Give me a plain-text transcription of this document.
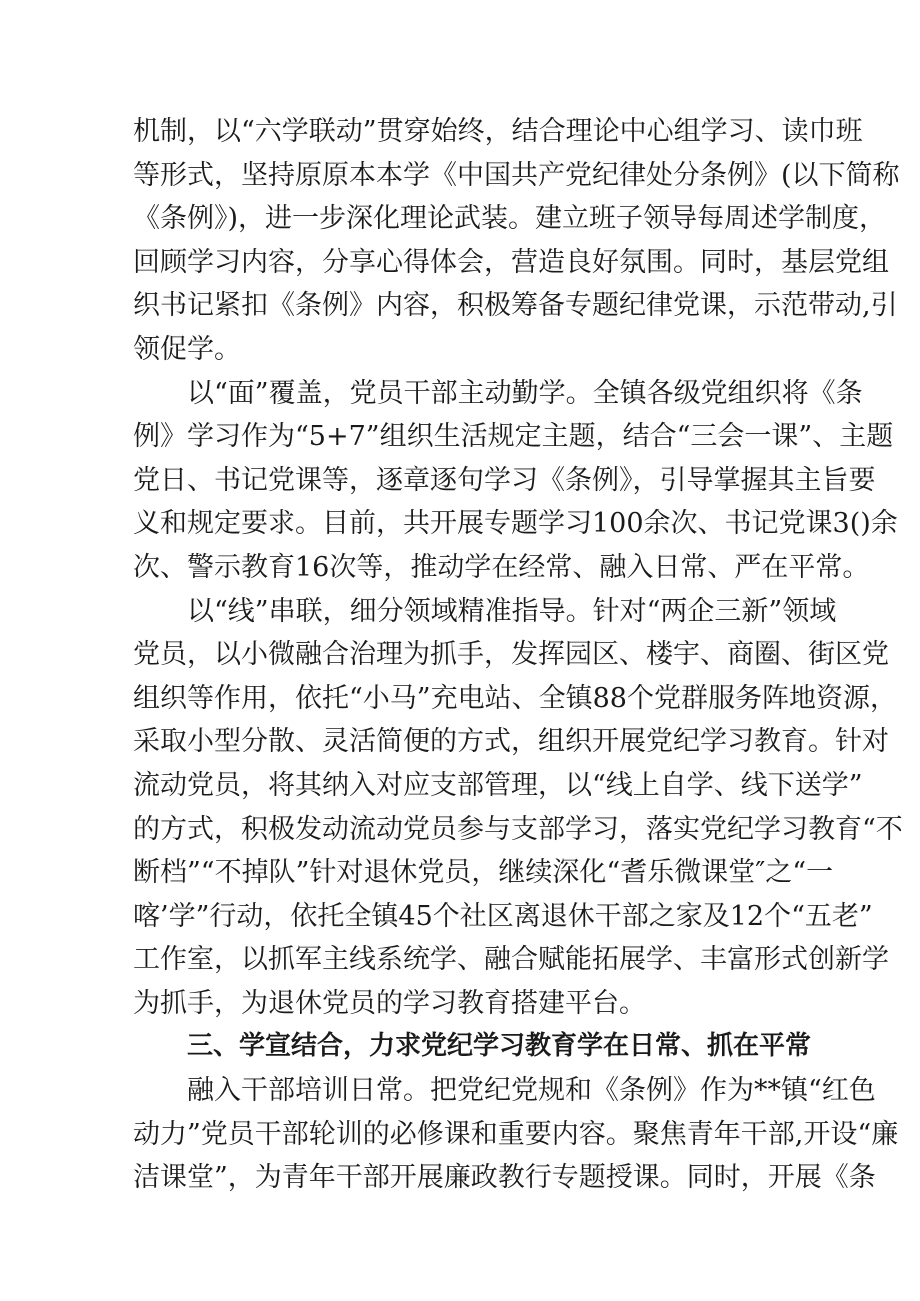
机制，以“六学联动”贯穿始终，结合理论中心组学习、读巾班
等形式，坚持原原本本学《中国共产党纪律处分条例》(以下简称
《条例》)，进一步深化理论武装。建立班子领导每周述学制度，
回顾学习内容，分享心得体会，营造良好氛围。同时，基层党组
织书记紧扣《条例》内容，积极筹备专题纪律党课，示范带动,引
领促学。
以“面”覆盖，党员干部主动勤学。全镇各级党组织将《条
例》学习作为“5+7”组织生活规定主题，结合“三会一课”、主题
党日、书记党课等，逐章逐句学习《条例》，引导掌握其主旨要
义和规定要求。目前，共开展专题学习100余次、书记党课3()余
次、警示教育16次等，推动学在经常、融入日常、严在平常。
以“线”串联，细分领域精准指导。针对“两企三新”领域
党员，以小微融合治理为抓手，发挥园区、楼宇、商圈、街区党
组织等作用，依托“小马”充电站、全镇88个党群服务阵地资源，
采取小型分散、灵活简便的方式，组织开展党纪学习教育。针对
流动党员，将其纳入对应支部管理，以“线上自学、线下送学”
的方式，积极发动流动党员参与支部学习，落实党纪学习教育“不
断档”“不掉队”针对退休党员，继续深化“耆乐微课堂″之“一
喀’学”行动，依托全镇45个社区离退休干部之家及12个“五老”
工作室，以抓军主线系统学、融合赋能拓展学、丰富形式创新学
为抓手，为退休党员的学习教育搭建平台。
三、学宣结合，力求党纪学习教育学在日常、抓在平常
融入干部培训日常。把党纪党规和《条例》作为**镇“红色
动力”党员干部轮训的必修课和重要内容。聚焦青年干部,开设“廉
洁课堂”，为青年干部开展廉政教行专题授课。同时，开展《条
